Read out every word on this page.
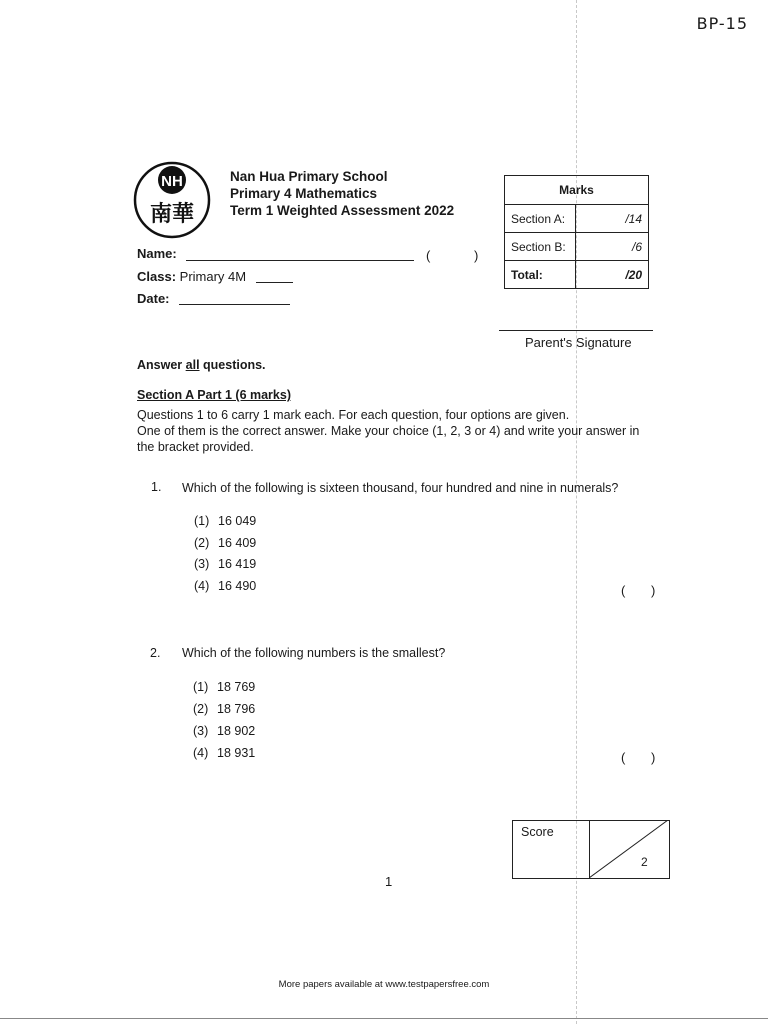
BP-15
NH
南華
Nan Hua Primary School
Primary 4 Mathematics
Term 1 Weighted Assessment 2022
Name:	(	)
Class: Primary 4M
Date:
Marks	
Section A:	/14
Section B:	/6
Total:	/20
Parent's Signature
Answer all questions.
Section A Part 1 (6 marks)
Questions 1 to 6 carry 1 mark each. For each question, four options are given.
One of them is the correct answer. Make your choice (1, 2, 3 or 4) and write your answer in
the bracket provided.
1. Which of the following is sixteen thousand, four hundred and nine in numerals?
(1) 16 049
(2) 16 409
(3) 16 419
(4) 16 490	( )
2. Which of the following numbers is the smallest?
(1) 18 769
(2) 18 796
(3) 18 902
(4) 18 931	( )
Score
2
1
More papers available at www.testpapersfree.com
